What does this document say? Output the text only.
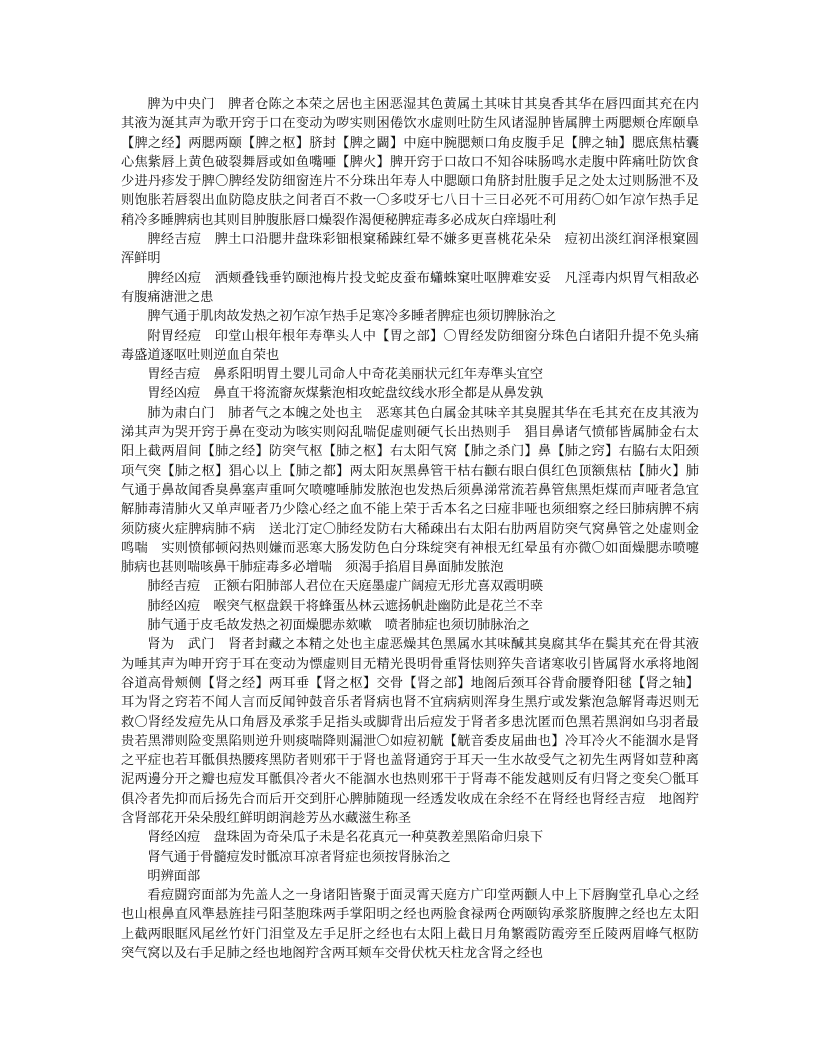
脾为中央门　脾者仓陈之本荣之居也主困恶湿其色黄属土其味甘其臭香其华在唇四面其充在内其液为涎其声为歌开窍于口在变动为哕实则困倦饮水虚则吐防生风诸湿肿皆属脾土两腮颊仓库颐阜【脾之经】两腮两颐【脾之枢】脐封【脾之闙】中庭中腕腮颊口角皮腹手足【脾之轴】腮底焦枯囊心焦紫唇上黄色破裂舞唇或如鱼嘴唖【脾火】脾开窍于口故口不知谷味肠鸣水走腹中阵痛吐防饮食少进丹疹发于脾〇脾经发防细窗连片不分珠出年寿人中腮颐口角脐封肚腹手足之处太过则肠泄不及则饱胀若唇裂出血防隐皮肤之间者百不救一〇多哎牙七八日十三日必死不可用药〇如乍凉乍热手足稍冷多睡脾病也其则目肿腹胀唇口燥裂作渴便秘脾症毒多必成灰白痒塌吐利

脾经吉痘　脾土口沿腮井盘珠彩钿根窠稀踈红晕不嫌多更喜桃花朵朵　痘初出淡红润泽根窠圆浑鲜明

脾经凶痘　洒颊叠钱垂钓颐池梅片投戈蛇皮蚕布蠨蛛窠吐呕脾难安妥　凡淫毒内炽胃气相敌必有腹痛溏泄之患

脾气通于肌肉故发热之初乍凉乍热手足寒冷多睡者脾症也须切脾脉治之

附胃经痘　印堂山根年根年寿準头人中【胃之部】〇胃经发防细窗分珠色白诸阳升提不免头痛毒盛道逐呕吐则逆血自荣也

胃经吉痘　鼻系阳明胃土婴儿司命人中奇花美丽状元红年寿準头宜空

胃经凶痘　鼻直干将流窬灰煤紫泡相攻蛇盘纹线水形全都是从鼻发孰

肺为肃白门　肺者气之本魄之处也主　恶寒其色白属金其味辛其臭腥其华在毛其充在皮其液为涕其声为哭开窍于鼻在变动为咳实则闷乱喘促虚则硬气长出热则手　猖目鼻诸气愤郁皆属肺金右太阳上截两眉间【肺之经】防突气枢【肺之枢】右太阳气窝【肺之杀门】鼻【肺之窍】右脇右太阳颈项气突【肺之枢】猖心以上【肺之都】两太阳灰黑鼻管干枯右颧右眼白俱红色顶额焦枯【肺火】肺气通于鼻故闻香臭鼻塞声重呵欠喷嚏唾肺发脓泡也发热后须鼻涕常流若鼻管焦黑炬煤而声哑者急宜解肺毒清肺火又单声哑者乃少陰心经之血不能上荣于舌本名之曰痖非哑也须细察之经曰肺病脾不病须防痰火症脾病肺不病　送北汀定〇肺经发防右大稀疎出右太阳右肋两眉防突气窝鼻管之处虚则金鸣喘　实则愤郁顿闷热则嫌而恶寒大肠发防色白分珠绽突有神根无红晕虽有亦微〇如面燥腮赤喷嚏肺病也甚则喘咳鼻干肺症毒多必增喘　须渴手掐眉目鼻面肺发脓泡

肺经吉痘　正额右阳肺部人君位在天庭墨虚广阔痘无形尤喜双霞明暎

肺经凶痘　喉突气枢盘鋘干将蜂蛋丛林云遮扬帆赴幽防此是花兰不幸

肺气通于皮毛故发热之初面燥腮赤欬嗽　喷者肺症也须切肺脉治之

肾为　武门　肾者封藏之本精之处也主虚恶燥其色黑属水其味醎其臭腐其华在鬓其充在骨其液为唾其声为呻开窍于耳在变动为慓虚则目无精光畏明骨重肾怯则猝失音诸寒收引皆属肾水承将地阁谷道高骨颊侧【肾之经】两耳垂【肾之枢】交骨【肾之部】地阁后颈耳谷背俞腰脊阳毬【肾之轴】耳为肾之窍若不闻人言而反闻钟鼓音乐者肾病也肾不宜病病则浑身生黑疔或发紫泡急解肾毒迟则无救〇肾经发痘先从口角唇及承浆手足指头或脚背出后痘发于肾者多患沈匿而色黑若黑润如乌羽者最贵若黑滞则险变黑陷则逆升则痰喘降则漏泄〇如痘初觥【觥音委皮届曲也】冷耳冷火不能涸水是肾之平症也若耳骶俱热腰疼黑防者则邪干于肾也盖肾通窍于耳天一生水故受气之初先生两肾如荳种离泥两邊分开之瓣也痘发耳骶俱冷者火不能涸水也热则邪干于肾毒不能发越则反有归肾之变矣〇骶耳俱冷者先抑而后扬先合而后开交到肝心脾肺随现一经透发收成在余经不在肾经也肾经吉痘　地阁羜含肾部花开朵朵殷红鲜明朗润趁芳丛水藏滋生称圣

肾经凶痘　盘珠固为奇朵瓜子未是名花真元一种莫教差黑陷命归泉下

肾气通于骨髓痘发时骶凉耳凉者肾症也须按肾脉治之

明辨面部

看痘闘窍面部为先盖人之一身诸阳皆聚于面灵霄天庭方广印堂两颧人中上下唇胸堂孔阜心之经也山根鼻直风準悬旌挂弓阳茎胞珠两手掌阳明之经也两脸食禄两仓两颐钩承浆脐腹脾之经也左太阳上截两眼眶风尾丝竹奸门泪堂及左手足肝之经也右太阳上截日月角繁霞防霞旁至丘陵两眉峰气枢防突气窝以及右手足肺之经也地阁羜含两耳颊车交骨伏枕天柱龙含肾之经也
